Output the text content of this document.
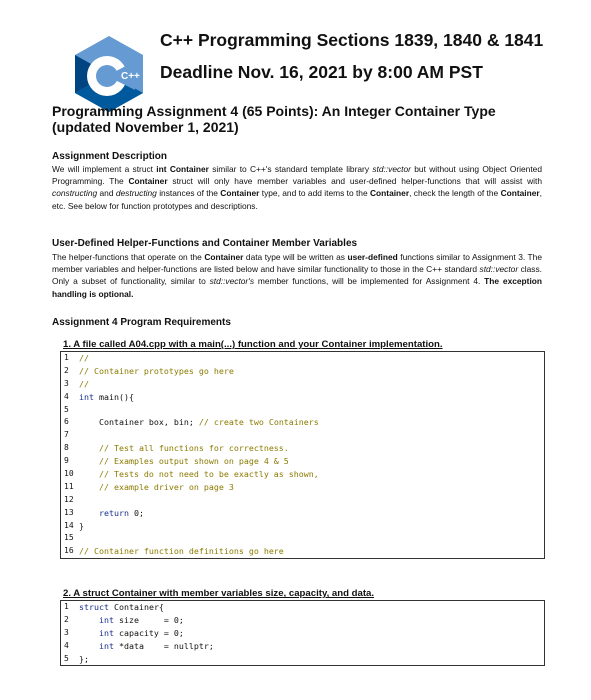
C++
C++ Programming Sections 1839, 1840 & 1841
Deadline Nov. 16, 2021 by 8:00 AM PST
Programming Assignment 4 (65 Points): An Integer Container Type
(updated November 1, 2021)
Assignment Description
We will implement a struct int Container similar to C++'s standard template library std::vector but without using Object Oriented Programming. The Container struct will only have member variables and user-defined helper-functions that will assist with constructing and destructing instances of the Container type, and to add items to the Container, check the length of the Container, etc. See below for function prototypes and descriptions.
User-Defined Helper-Functions and Container Member Variables
The helper-functions that operate on the Container data type will be written as user-defined functions similar to Assignment 3. The member variables and helper-functions are listed below and have similar functionality to those in the C++ standard std::vector class. Only a subset of functionality, similar to std::vector's member functions, will be implemented for Assignment 4. The exception handling is optional.
Assignment 4 Program Requirements
1. A file called A04.cpp with a main(...) function and your Container implementation.
1 //
2 // Container prototypes go here
3 //
4 int main(){
5
6 Container box, bin; // create two Containers
7
8 // Test all functions for correctness.
9 // Examples output shown on page 4 & 5
10 // Tests do not need to be exactly as shown,
11 // example driver on page 3
12
13 return 0;
14 }
15
16 // Container function definitions go here
2. A struct Container with member variables size, capacity, and data.
1 struct Container{
2 int size     = 0;
3 int capacity = 0;
4 int *data    = nullptr;
5 };
